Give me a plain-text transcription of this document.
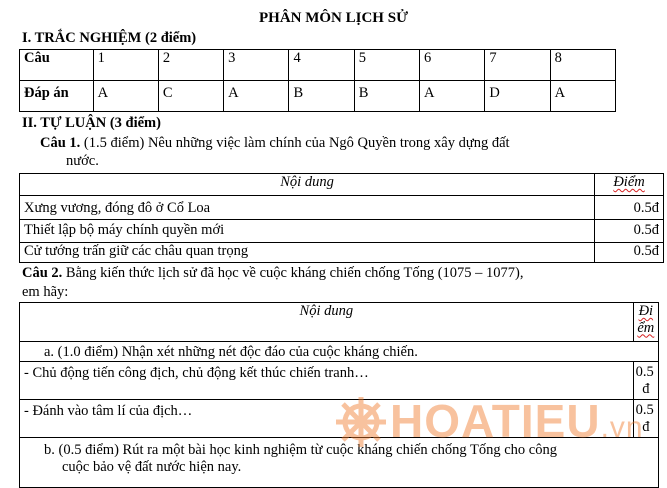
PHÂN MÔN LỊCH SỬ
I. TRẮC NGHIỆM (2 điểm)
Câu	1	2	3	4	5	6	7	8
Đáp án	A	C	A	B	B	A	D	A
II. TỰ LUẬN (3 điểm)
Câu 1. (1.5 điểm) Nêu những việc làm chính của Ngô Quyền trong xây dựng đất
nước.
Nội dung	Điểm
Xưng vương, đóng đô ở Cổ Loa	0.5đ
Thiết lập bộ máy chính quyền mới	0.5đ
Cử tướng trấn giữ các châu quan trọng	0.5đ
Câu 2. Bằng kiến thức lịch sử đã học về cuộc kháng chiến chống Tống (1075 – 1077),
em hãy:
Nội dung	Đi
ểm

a. (1.0 điểm) Nhận xét những nét độc đáo của cuộc kháng chiến.	
- Chủ động tiến công địch, chủ động kết thúc chiến tranh…	0.5
đ

- Đánh vào tâm lí của địch…	0.5
đ

b. (0.5 điểm) Rút ra một bài học kinh nghiệm từ cuộc kháng chiến chống Tống cho công
cuộc bảo vệ đất nước hiện nay.	
HOATIEU.vn
